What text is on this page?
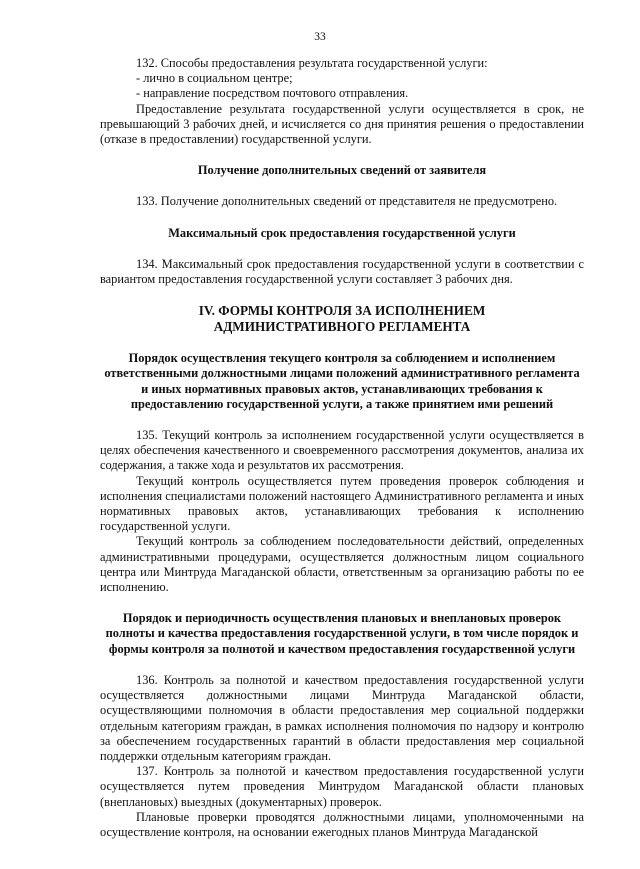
33

132. Способы предоставления результата государственной услуги:

- лично в социальном центре;

- направление посредством почтового отправления.

Предоставление результата государственной услуги осуществляется в срок, не превышающий 3 рабочих дней, и исчисляется со дня принятия решения о предоставлении (отказе в предоставлении) государственной услуги.

Получение дополнительных сведений от заявителя

133. Получение дополнительных сведений от представителя не предусмотрено.

Максимальный срок предоставления государственной услуги

134. Максимальный срок предоставления государственной услуги в соответствии с вариантом предоставления государственной услуги составляет 3 рабочих дня.

IV. ФОРМЫ КОНТРОЛЯ ЗА ИСПОЛНЕНИЕМ
АДМИНИСТРАТИВНОГО РЕГЛАМЕНТА
Порядок осуществления текущего контроля за соблюдением и исполнением ответственными должностными лицами положений административного регламента и иных нормативных правовых актов, устанавливающих требования к предоставлению государственной услуги, а также принятием ими решений

135. Текущий контроль за исполнением государственной услуги осуществляется в целях обеспечения качественного и своевременного рассмотрения документов, анализа их содержания, а также хода и результатов их рассмотрения.

Текущий контроль осуществляется путем проведения проверок соблюдения и исполнения специалистами положений настоящего Административного регламента и иных нормативных правовых актов, устанавливающих требования к исполнению государственной услуги.

Текущий контроль за соблюдением последовательности действий, определенных административными процедурами, осуществляется должностным лицом социального центра или Минтруда Магаданской области, ответственным за организацию работы по ее исполнению.

Порядок и периодичность осуществления плановых и внеплановых проверок полноты и качества предоставления государственной услуги, в том числе порядок и формы контроля за полнотой и качеством предоставления государственной услуги

136. Контроль за полнотой и качеством предоставления государственной услуги осуществляется должностными лицами Минтруда Магаданской области, осуществляющими полномочия в области предоставления мер социальной поддержки отдельным категориям граждан, в рамках исполнения полномочия по надзору и контролю за обеспечением государственных гарантий в области предоставления мер социальной поддержки отдельным категориям граждан.

137. Контроль за полнотой и качеством предоставления государственной услуги осуществляется путем проведения Минтрудом Магаданской области плановых (внеплановых) выездных (документарных) проверок.

Плановые проверки проводятся должностными лицами, уполномоченными на осуществление контроля, на основании ежегодных планов Минтруда Магаданской
